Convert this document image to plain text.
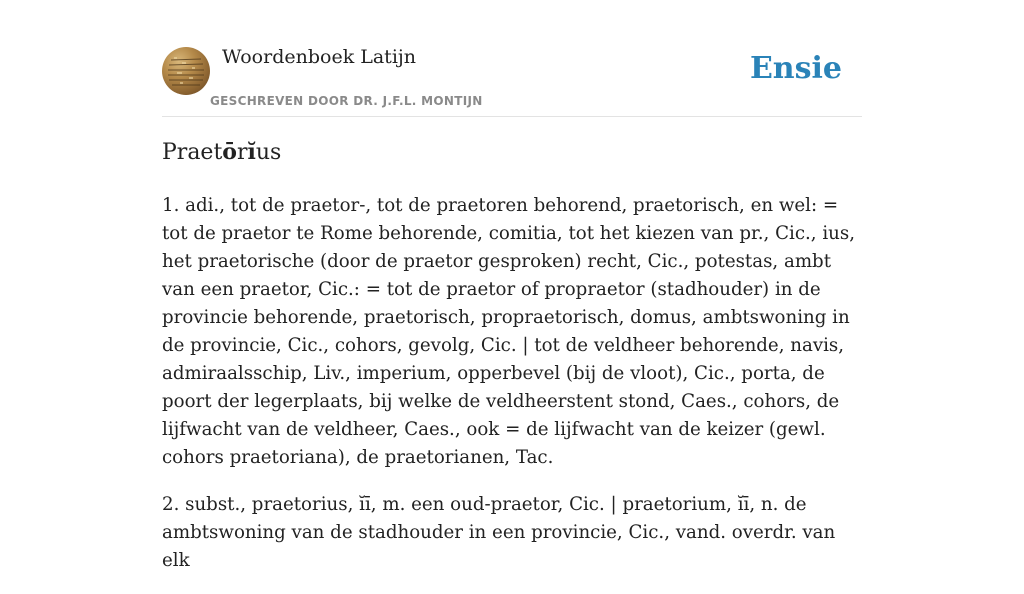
Woordenboek Latijn
GESCHREVEN DOOR DR. J.F.L. MONTIJN
Ensie
Praetōrĭus

1. adi., tot de praetor-, tot de praetoren behorend, praetorisch, en wel: = tot de praetor te Rome behorende, comitia, tot het kiezen van pr., Cic., ius, het praetorische (door de praetor gesproken) recht, Cic., potestas, ambt van een praetor, Cic.: = tot de praetor of propraetor (stadhouder) in de provincie behorende, praetorisch, propraetorisch, domus, ambtswoning in de provincie, Cic., cohors, gevolg, Cic. | tot de veldheer behorende, navis, admiraalsschip, Liv., imperium, opperbevel (bij de vloot), Cic., porta, de poort der legerplaats, bij welke de veldheerstent stond, Caes., cohors, de lijfwacht van de veldheer, Caes., ook = de lijfwacht van de keizer (gewl. cohors praetoriana), de praetorianen, Tac.

2. subst., praetorius, ĭī, m. een oud-praetor, Cic. | praetorium, ĭī, n. de ambtswoning van de stadhouder in een provincie, Cic., vand. overdr. van elk
